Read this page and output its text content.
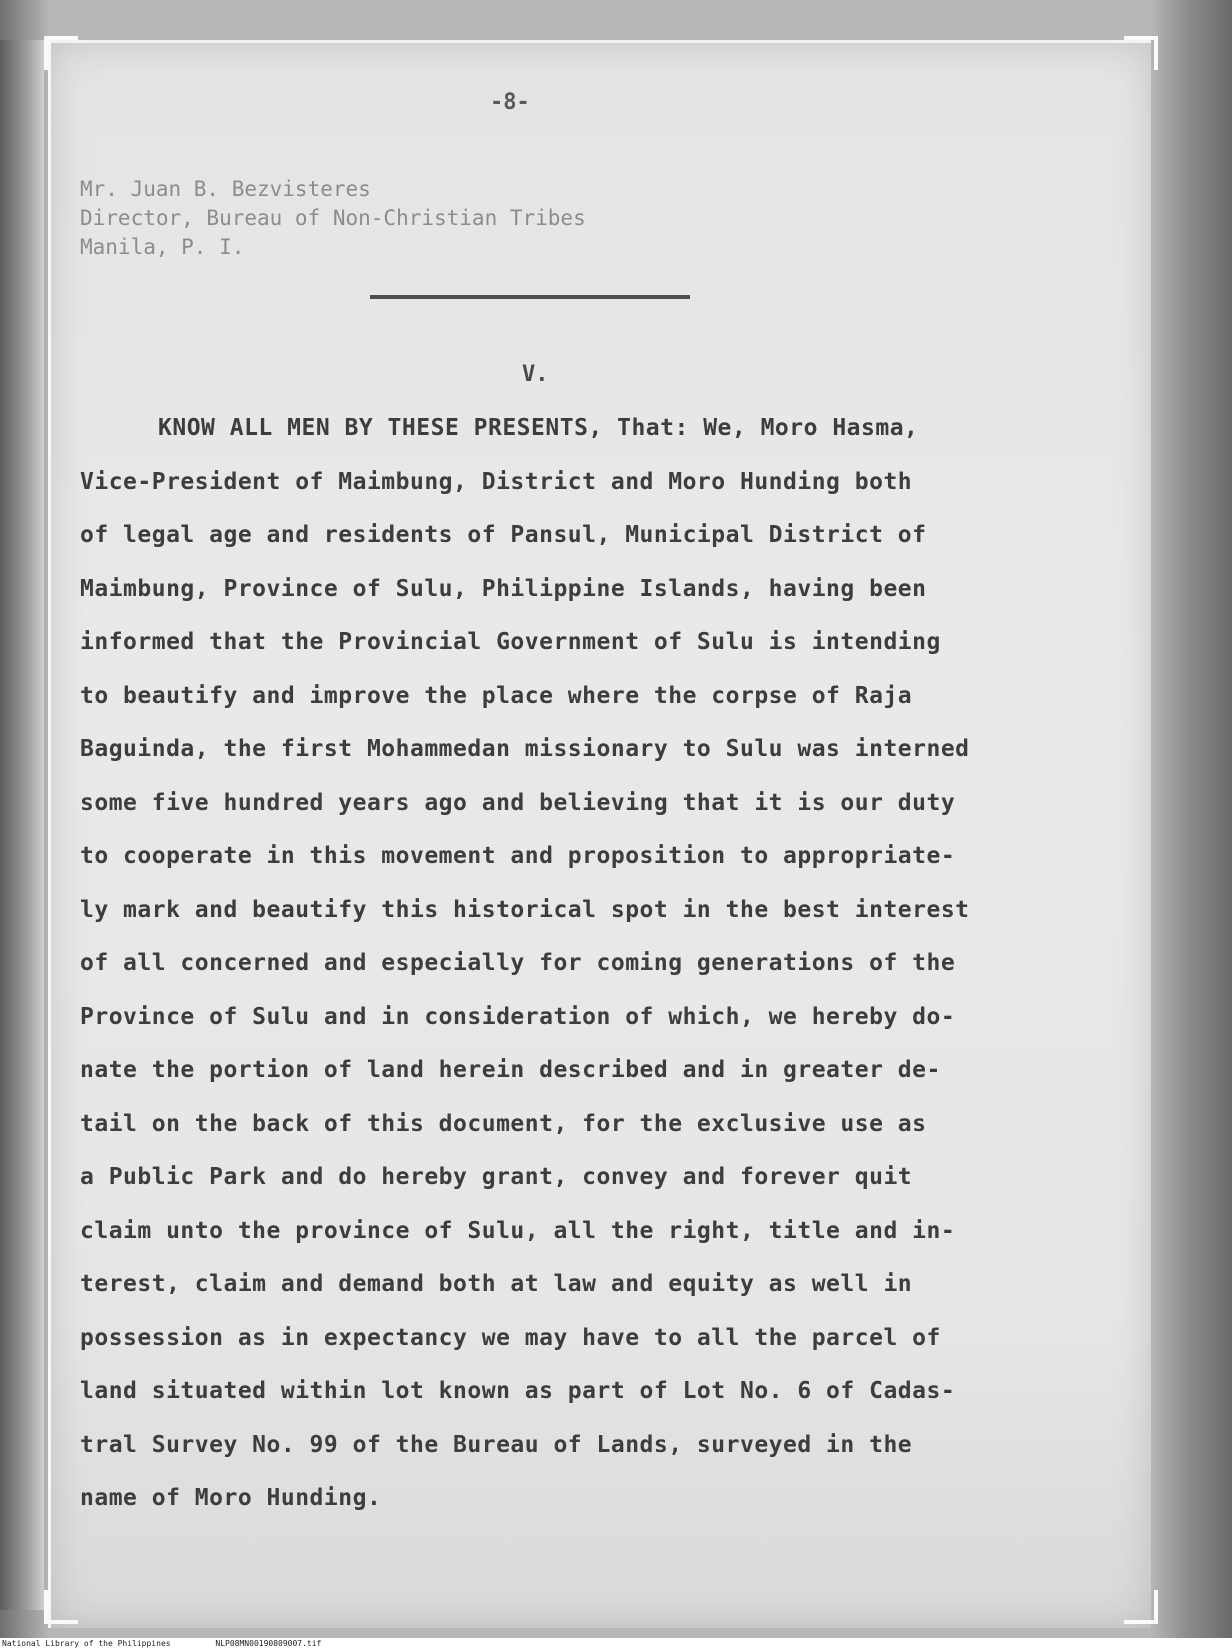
-8-
Mr. Juan B. Bezvisteres
Director, Bureau of Non-Christian Tribes
Manila, P. I.
V.
KNOW ALL MEN BY THESE PRESENTS, That: We, Moro Hasma,
Vice-President of Maimbung, District and Moro Hunding both
of legal age and residents of Pansul, Municipal District of
Maimbung, Province of Sulu, Philippine Islands, having been
informed that the Provincial Government of Sulu is intending
to beautify and improve the place where the corpse of Raja
Baguinda, the first Mohammedan missionary to Sulu was interned
some five hundred years ago and believing that it is our duty
to cooperate in this movement and proposition to appropriate-
ly mark and beautify this historical spot in the best interest
of all concerned and especially for coming generations of the
Province of Sulu and in consideration of which, we hereby do-
nate the portion of land herein described and in greater de-
tail on the back of this document, for the exclusive use as
a Public Park and do hereby grant, convey and forever quit
claim unto the province of Sulu, all the right, title and in-
terest, claim and demand both at law and equity as well in
possession as in expectancy we may have to all the parcel of
land situated within lot known as part of Lot No. 6 of Cadas-
tral Survey No. 99 of the Bureau of Lands, surveyed in the
name of Moro Hunding.
National Library of the Philippines	NLP08MN00190809007.tif
